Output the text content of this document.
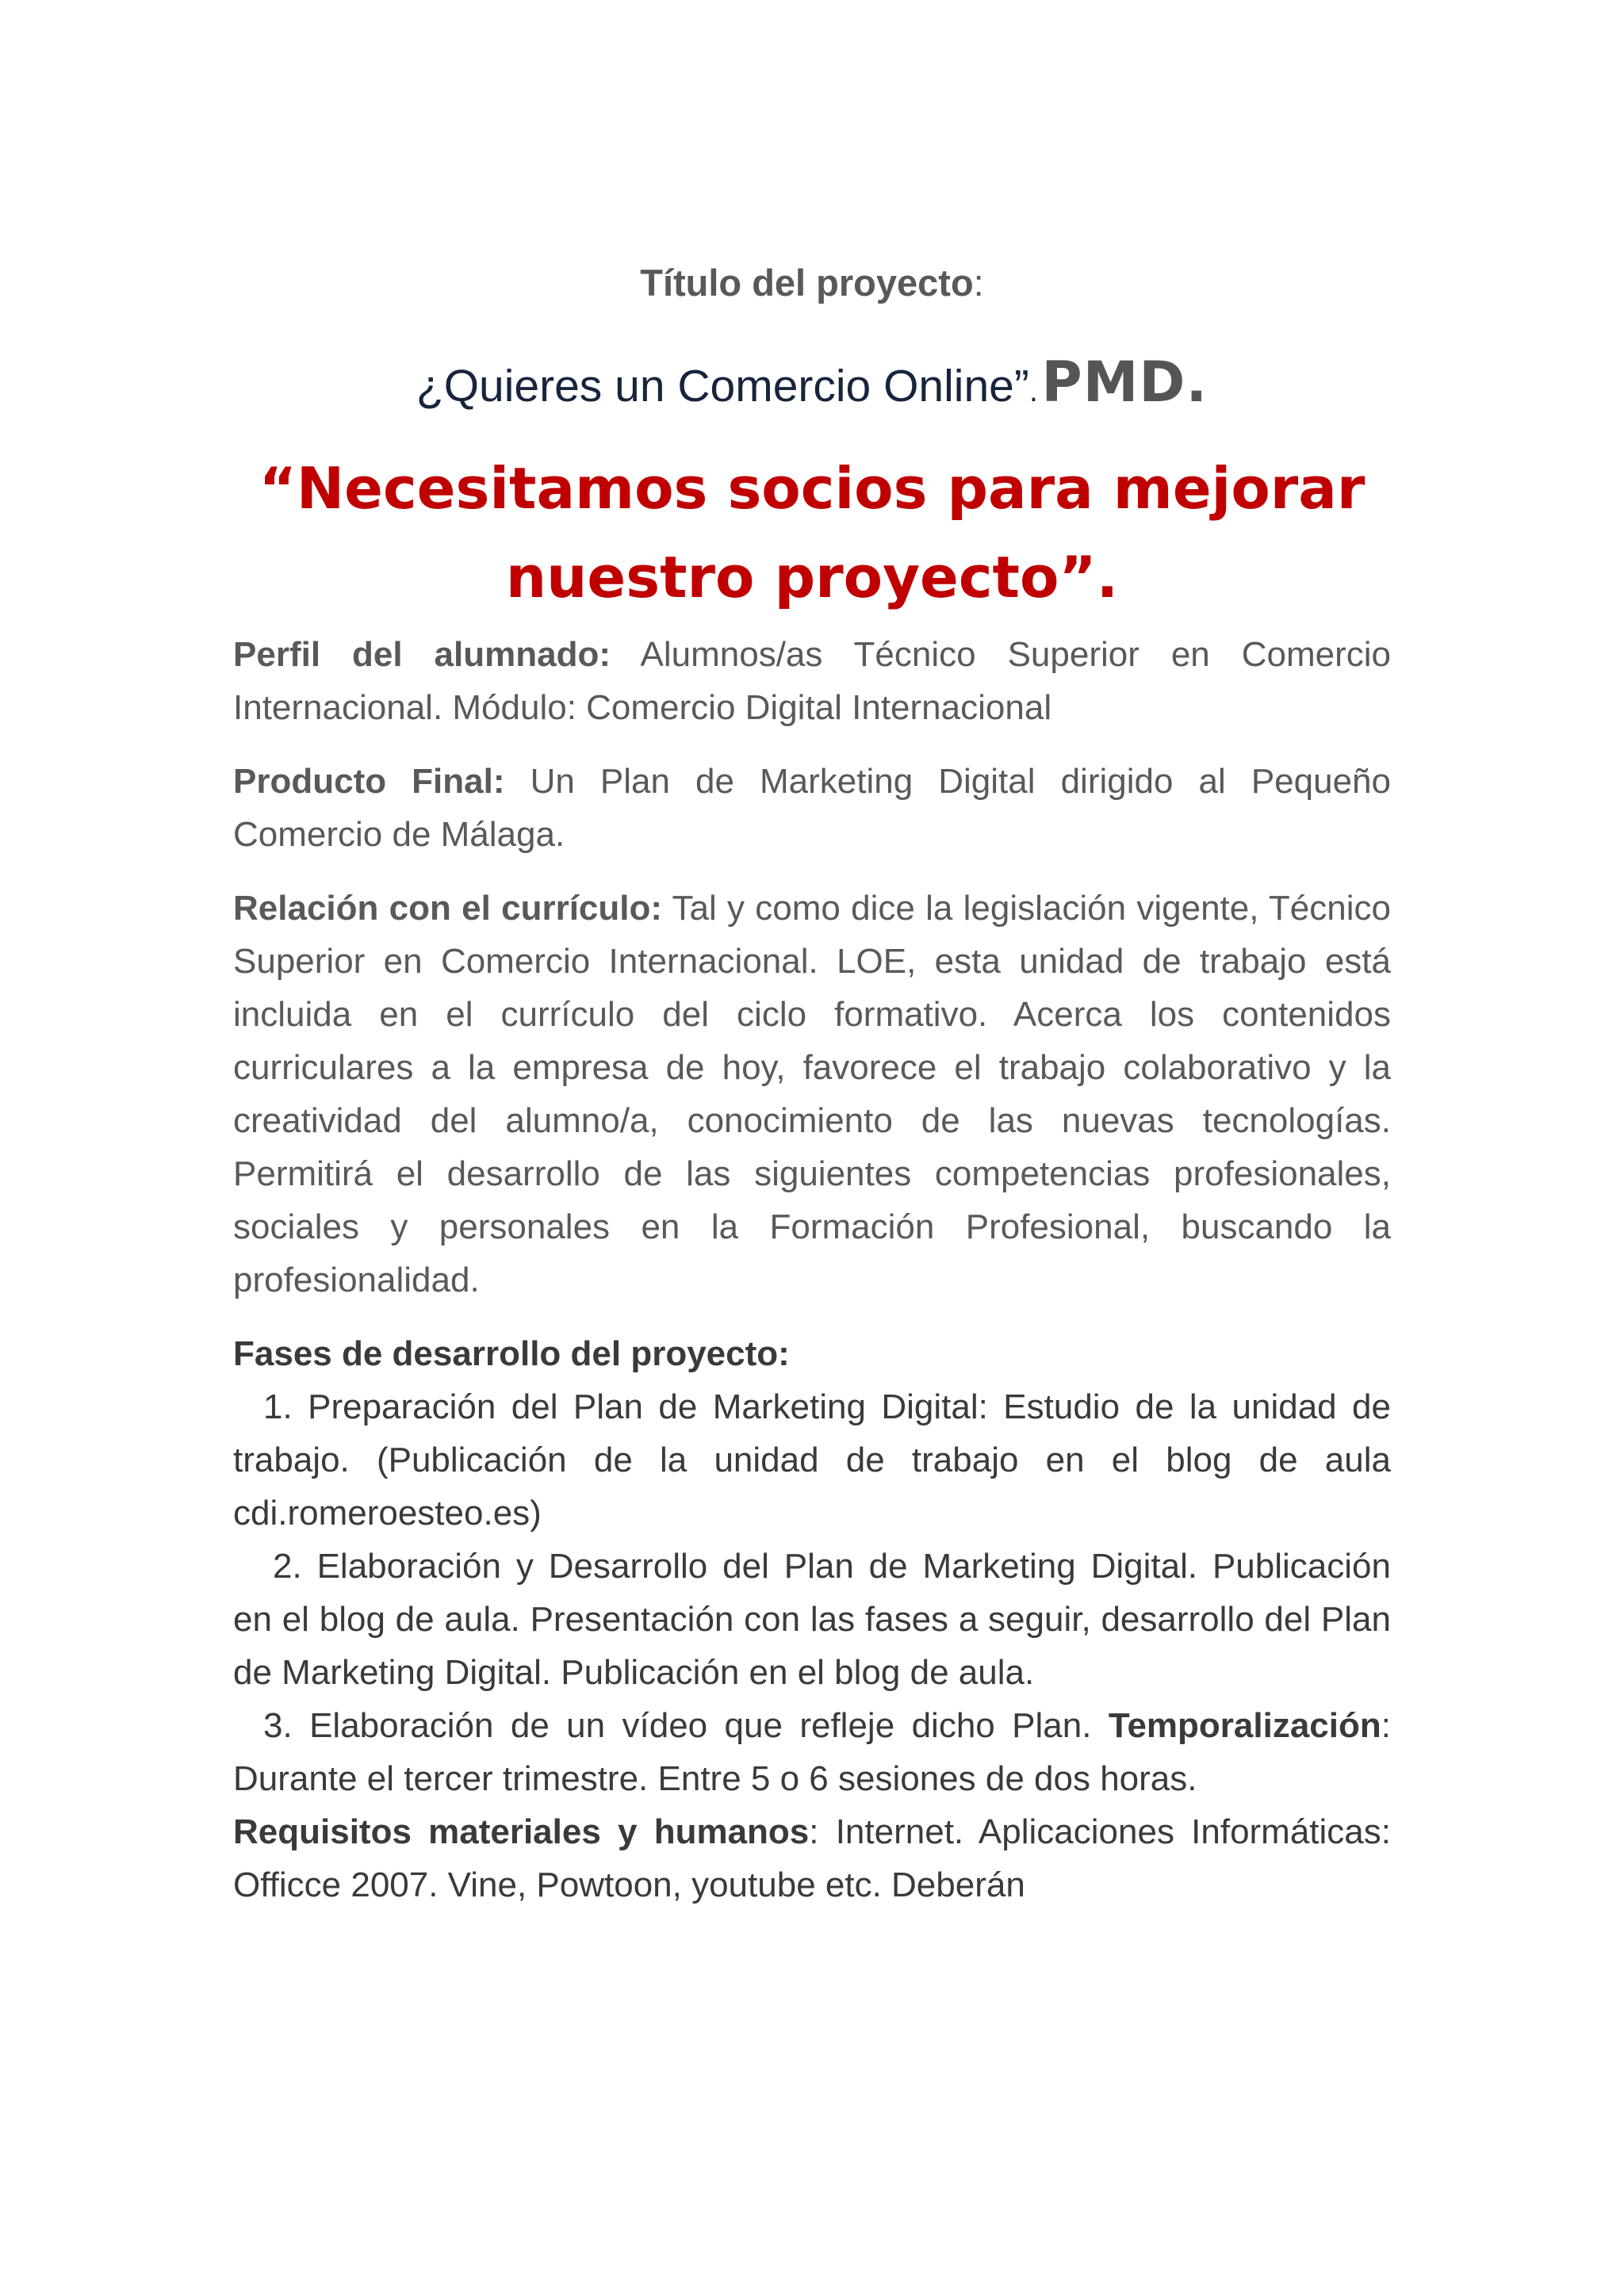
Título del proyecto:
¿Quieres un Comercio Online”. PMD.
“Necesitamos socios para mejorar
nuestro proyecto”.

Perfil del alumnado: Alumnos/as Técnico Superior en Comercio Internacional. Módulo: Comercio Digital Internacional

Producto Final: Un Plan de Marketing Digital dirigido al Pequeño Comercio de Málaga.

Relación con el currículo: Tal y como dice la legislación vigente, Técnico Superior en Comercio Internacional. LOE, esta unidad de trabajo está incluida en el currículo del ciclo formativo. Acerca los contenidos curriculares a la empresa de hoy, favorece el trabajo colaborativo y la creatividad del alumno/a, conocimiento de las nuevas tecnologías. Permitirá el desarrollo de las siguientes competencias profesionales, sociales y personales en la Formación Profesional, buscando la profesionalidad.

Fases de desarrollo del proyecto:

1. Preparación del Plan de Marketing Digital: Estudio de la unidad de trabajo. (Publicación de la unidad de trabajo en el blog de aula cdi.romeroesteo.es)

2. Elaboración y Desarrollo del Plan de Marketing Digital. Publicación en el blog de aula. Presentación con las fases a seguir, desarrollo del Plan de Marketing Digital. Publicación en el blog de aula.

3. Elaboración de un vídeo que refleje dicho Plan. Temporalización: Durante el tercer trimestre. Entre 5 o 6 sesiones de dos horas.

Requisitos materiales y humanos: Internet. Aplicaciones Informáticas: Officce 2007. Vine, Powtoon, youtube etc. Deberán
